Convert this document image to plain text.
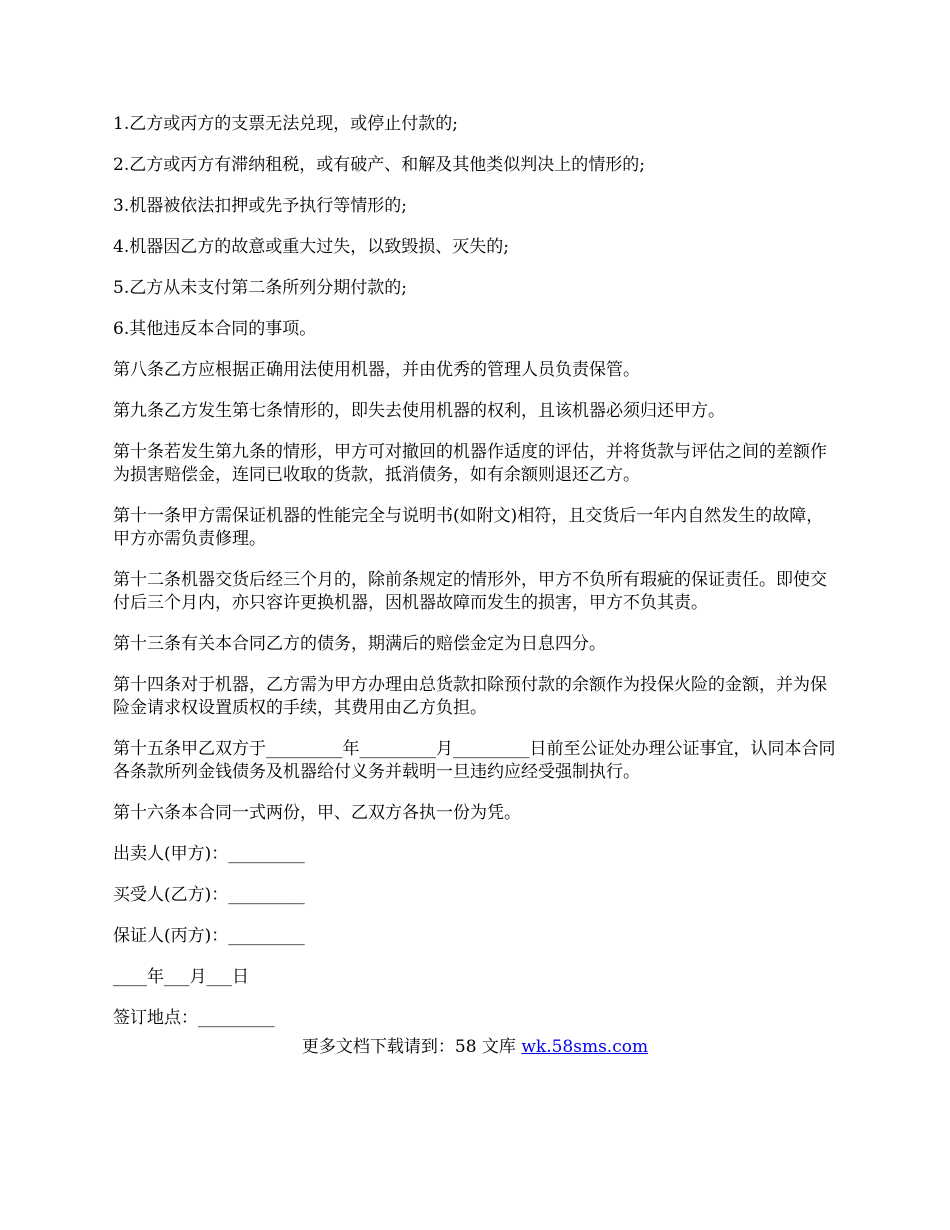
1.乙方或丙方的支票无法兑现，或停止付款的;

2.乙方或丙方有滞纳租税，或有破产、和解及其他类似判决上的情形的;

3.机器被依法扣押或先予执行等情形的;

4.机器因乙方的故意或重大过失，以致毁损、灭失的;

5.乙方从未支付第二条所列分期付款的;

6.其他违反本合同的事项。

第八条乙方应根据正确用法使用机器，并由优秀的管理人员负责保管。

第九条乙方发生第七条情形的，即失去使用机器的权利，且该机器必须归还甲方。

第十条若发生第九条的情形，甲方可对撤回的机器作适度的评估，并将货款与评估之间的差额作为损害赔偿金，连同已收取的货款，抵消债务，如有余额则退还乙方。

第十一条甲方需保证机器的性能完全与说明书(如附文)相符，且交货后一年内自然发生的故障，甲方亦需负责修理。

第十二条机器交货后经三个月的，除前条规定的情形外，甲方不负所有瑕疵的保证责任。即使交付后三个月内，亦只容许更换机器，因机器故障而发生的损害，甲方不负其责。

第十三条有关本合同乙方的债务，期满后的赔偿金定为日息四分。

第十四条对于机器，乙方需为甲方办理由总货款扣除预付款的余额作为投保火险的金额，并为保险金请求权设置质权的手续，其费用由乙方负担。

第十五条甲乙双方于_________年_________月_________日前至公证处办理公证事宜，认同本合同各条款所列金钱债务及机器给付义务并载明一旦违约应经受强制执行。

第十六条本合同一式两份，甲、乙双方各执一份为凭。

出卖人(甲方)：_________

买受人(乙方)：_________

保证人(丙方)：_________

____年___月___日

签订地点：_________

更多文档下载请到：58 文库 wk.58sms.com
